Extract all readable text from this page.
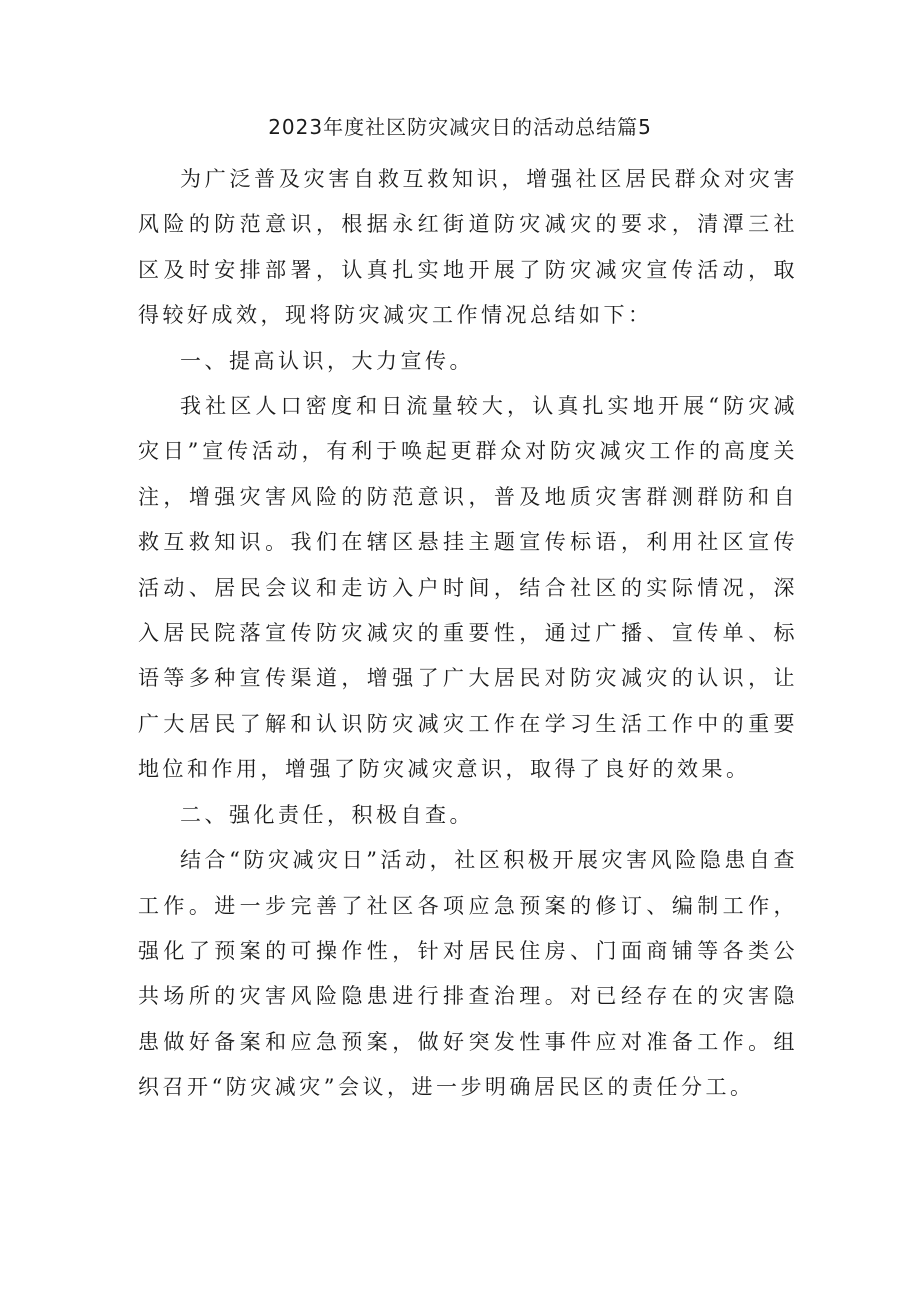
2023年度社区防灾减灾日的活动总结篇5

为广泛普及灾害自救互救知识，增强社区居民群众对灾害风险的防范意识，根据永红街道防灾减灾的要求，清潭三社区及时安排部署，认真扎实地开展了防灾减灾宣传活动，取得较好成效，现将防灾减灾工作情况总结如下：

一、提高认识，大力宣传。

我社区人口密度和日流量较大，认真扎实地开展“防灾减灾日”宣传活动，有利于唤起更群众对防灾减灾工作的高度关注，增强灾害风险的防范意识，普及地质灾害群测群防和自救互救知识。我们在辖区悬挂主题宣传标语，利用社区宣传活动、居民会议和走访入户时间，结合社区的实际情况，深入居民院落宣传防灾减灾的重要性，通过广播、宣传单、标语等多种宣传渠道，增强了广大居民对防灾减灾的认识，让广大居民了解和认识防灾减灾工作在学习生活工作中的重要地位和作用，增强了防灾减灾意识，取得了良好的效果。

二、强化责任，积极自查。

结合“防灾减灾日”活动，社区积极开展灾害风险隐患自查工作。进一步完善了社区各项应急预案的修订、编制工作，强化了预案的可操作性，针对居民住房、门面商铺等各类公共场所的灾害风险隐患进行排查治理。对已经存在的灾害隐患做好备案和应急预案，做好突发性事件应对准备工作。组织召开“防灾减灾”会议，进一步明确居民区的责任分工。
